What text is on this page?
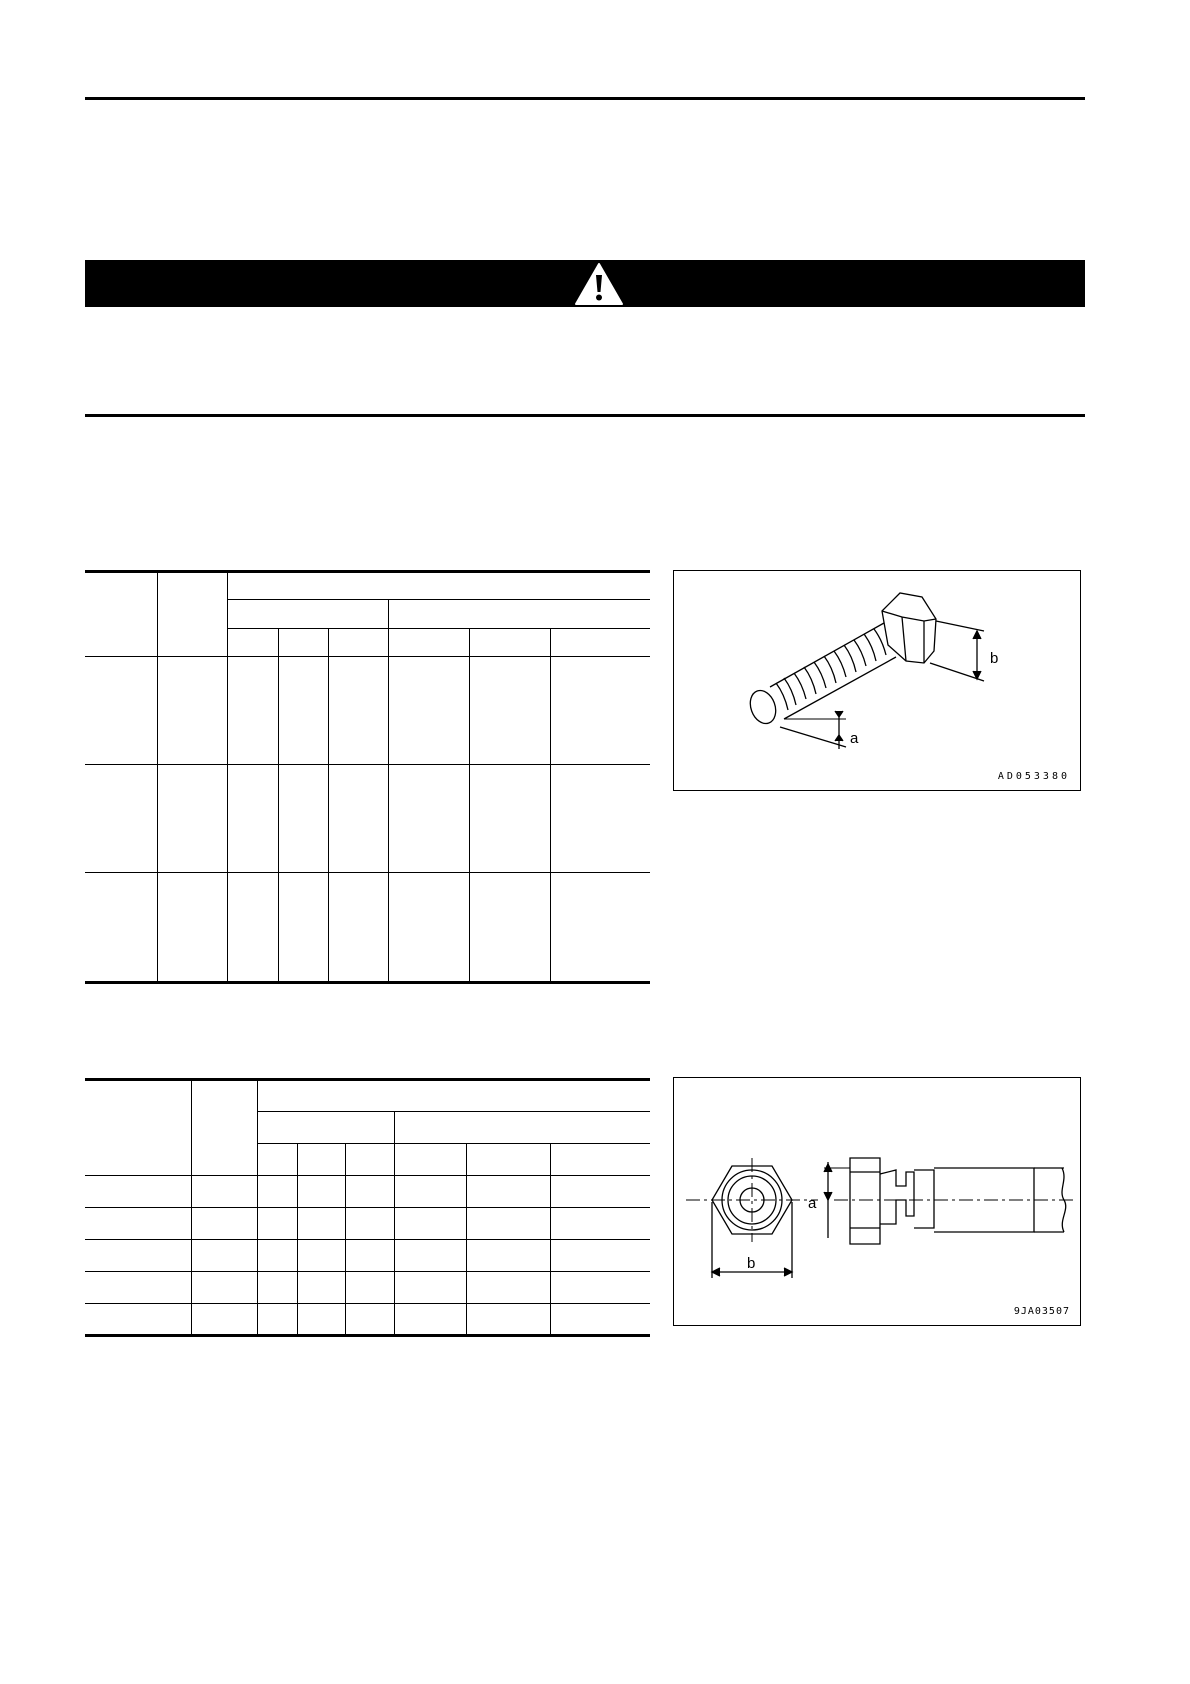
a
b
AD053380

a
b
9JA03507
